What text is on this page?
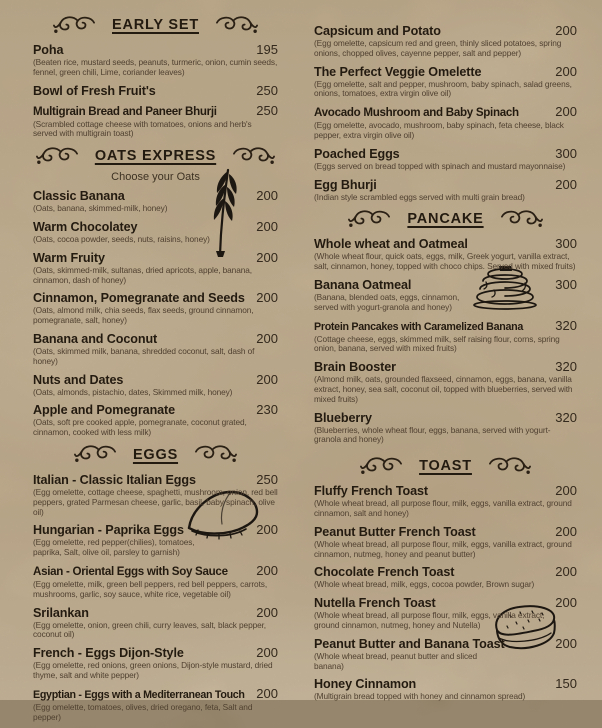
EARLY SET
Poha	195
(Beaten rice, mustard seeds, peanuts, turmeric, onion, cumin seeds, fennel, green chili, Lime, coriander leaves)
Bowl of Fresh Fruit's	250
Multigrain Bread and Paneer Bhurji	250
(Scrambled cottage cheese with tomatoes, onions and herb's served with multigrain toast)
OATS EXPRESS
Choose your Oats
Classic Banana	200
(Oats, banana, skimmed-milk, honey)
Warm Chocolatey	200
(Oats, cocoa powder, seeds, nuts, raisins, honey)
Warm Fruity	200
(Oats, skimmed-milk, sultanas, dried apricots, apple, banana, cinnamon, dash of honey)
Cinnamon, Pomegranate and Seeds 200
(Oats, almond milk, chia seeds, flax seeds, ground cinnamon, pomegranate, salt, honey)
Banana and Coconut	200
(Oats, skimmed milk, banana, shredded coconut, salt, dash of honey)
Nuts and Dates	200
(Oats, almonds, pistachio, dates, Skimmed milk, honey)
Apple and Pomegranate	230
(Oats, soft pre cooked apple, pomegranate, coconut grated, cinnamon, cooked with less milk)
EGGS
Italian - Classic Italian Eggs	250
(Egg omelette, cottage cheese, spaghetti, mushroom, onion, red bell peppers, grated Parmesan cheese, garlic, basil, baby spinach, olive oil)
Hungarian - Paprika Eggs	200
(Egg omelette, red pepper(chilies), tomatoes, paprika, Salt, olive oil, parsley to garnish)
Asian - Oriental Eggs with Soy Sauce 200
(Egg omelette, milk, green bell peppers, red bell peppers, carrots, mushrooms, garlic, soy sauce, white rice, vegetable oil)
Srilankan	200
(Egg omelette, onion, green chili, curry leaves, salt, black pepper, coconut oil)
French - Eggs Dijon-Style	200
(Egg omelette, red onions, green onions, Dijon-style mustard, dried thyme, salt and white pepper)
Egyptian - Eggs with a Mediterranean Touch 200
(Egg omelette, tomatoes, olives, dried oregano, feta, Salt and pepper)
Capsicum and Potato	200
(Egg omelette, capsicum red and green, thinly sliced potatoes, spring onions, chopped olives, cayenne pepper, salt and pepper)
The Perfect Veggie Omelette	200
(Egg omelette, salt and pepper, mushroom, baby spinach, salad greens, onions, tomatoes, extra virgin olive oil)
Avocado Mushroom and Baby Spinach	200
(Egg omelette, avocado, mushroom, baby spinach, feta cheese, black pepper, extra virgin olive oil)
Poached Eggs	300
(Eggs served on bread topped with spinach and mustard mayonnaise)
Egg Bhurji	200
(Indian style scrambled eggs served with multi grain bread)
PANCAKE
Whole wheat and Oatmeal	300
(Whole wheat flour, quick oats, eggs, milk, Greek yogurt, vanilla extract, salt, cinnamon, honey, topped with choco chips. Served with mixed fruits)
Banana Oatmeal	300
(Banana, blended oats, eggs, cinnamon, served with yogurt-granola and honey)
Protein Pancakes with Caramelized Banana 320
(Cottage cheese, eggs, skimmed milk, self raising flour, corns, spring onion, banana, served with mixed fruits)
Brain Booster	320
(Almond milk, oats, grounded flaxseed, cinnamon, eggs, banana, vanilla extract, honey, sea salt, coconut oil, topped with blueberries, served with mixed fruits)
Blueberry	320
(Blueberries, whole wheat flour, eggs, banana, served with yogurt-granola and honey)
TOAST
Fluffy French Toast	200
(Whole wheat bread, all purpose flour, milk, eggs, vanilla extract, ground cinnamon, salt and honey)
Peanut Butter French Toast	200
(Whole wheat bread, all purpose flour, milk, eggs, vanilla extract, ground cinnamon, nutmeg, honey and peanut butter)
Chocolate French Toast	200
(Whole wheat bread, milk, eggs, cocoa powder, Brown sugar)
Nutella French Toast	200
(Whole wheat bread, all purpose flour, milk, eggs, vanilla extract, ground cinnamon, nutmeg, honey and Nutella)
Peanut Butter and Banana Toast	200
(Whole wheat bread, peanut butter and sliced banana)
Honey Cinnamon	150
(Multigrain bread topped with honey and cinnamon spread)
